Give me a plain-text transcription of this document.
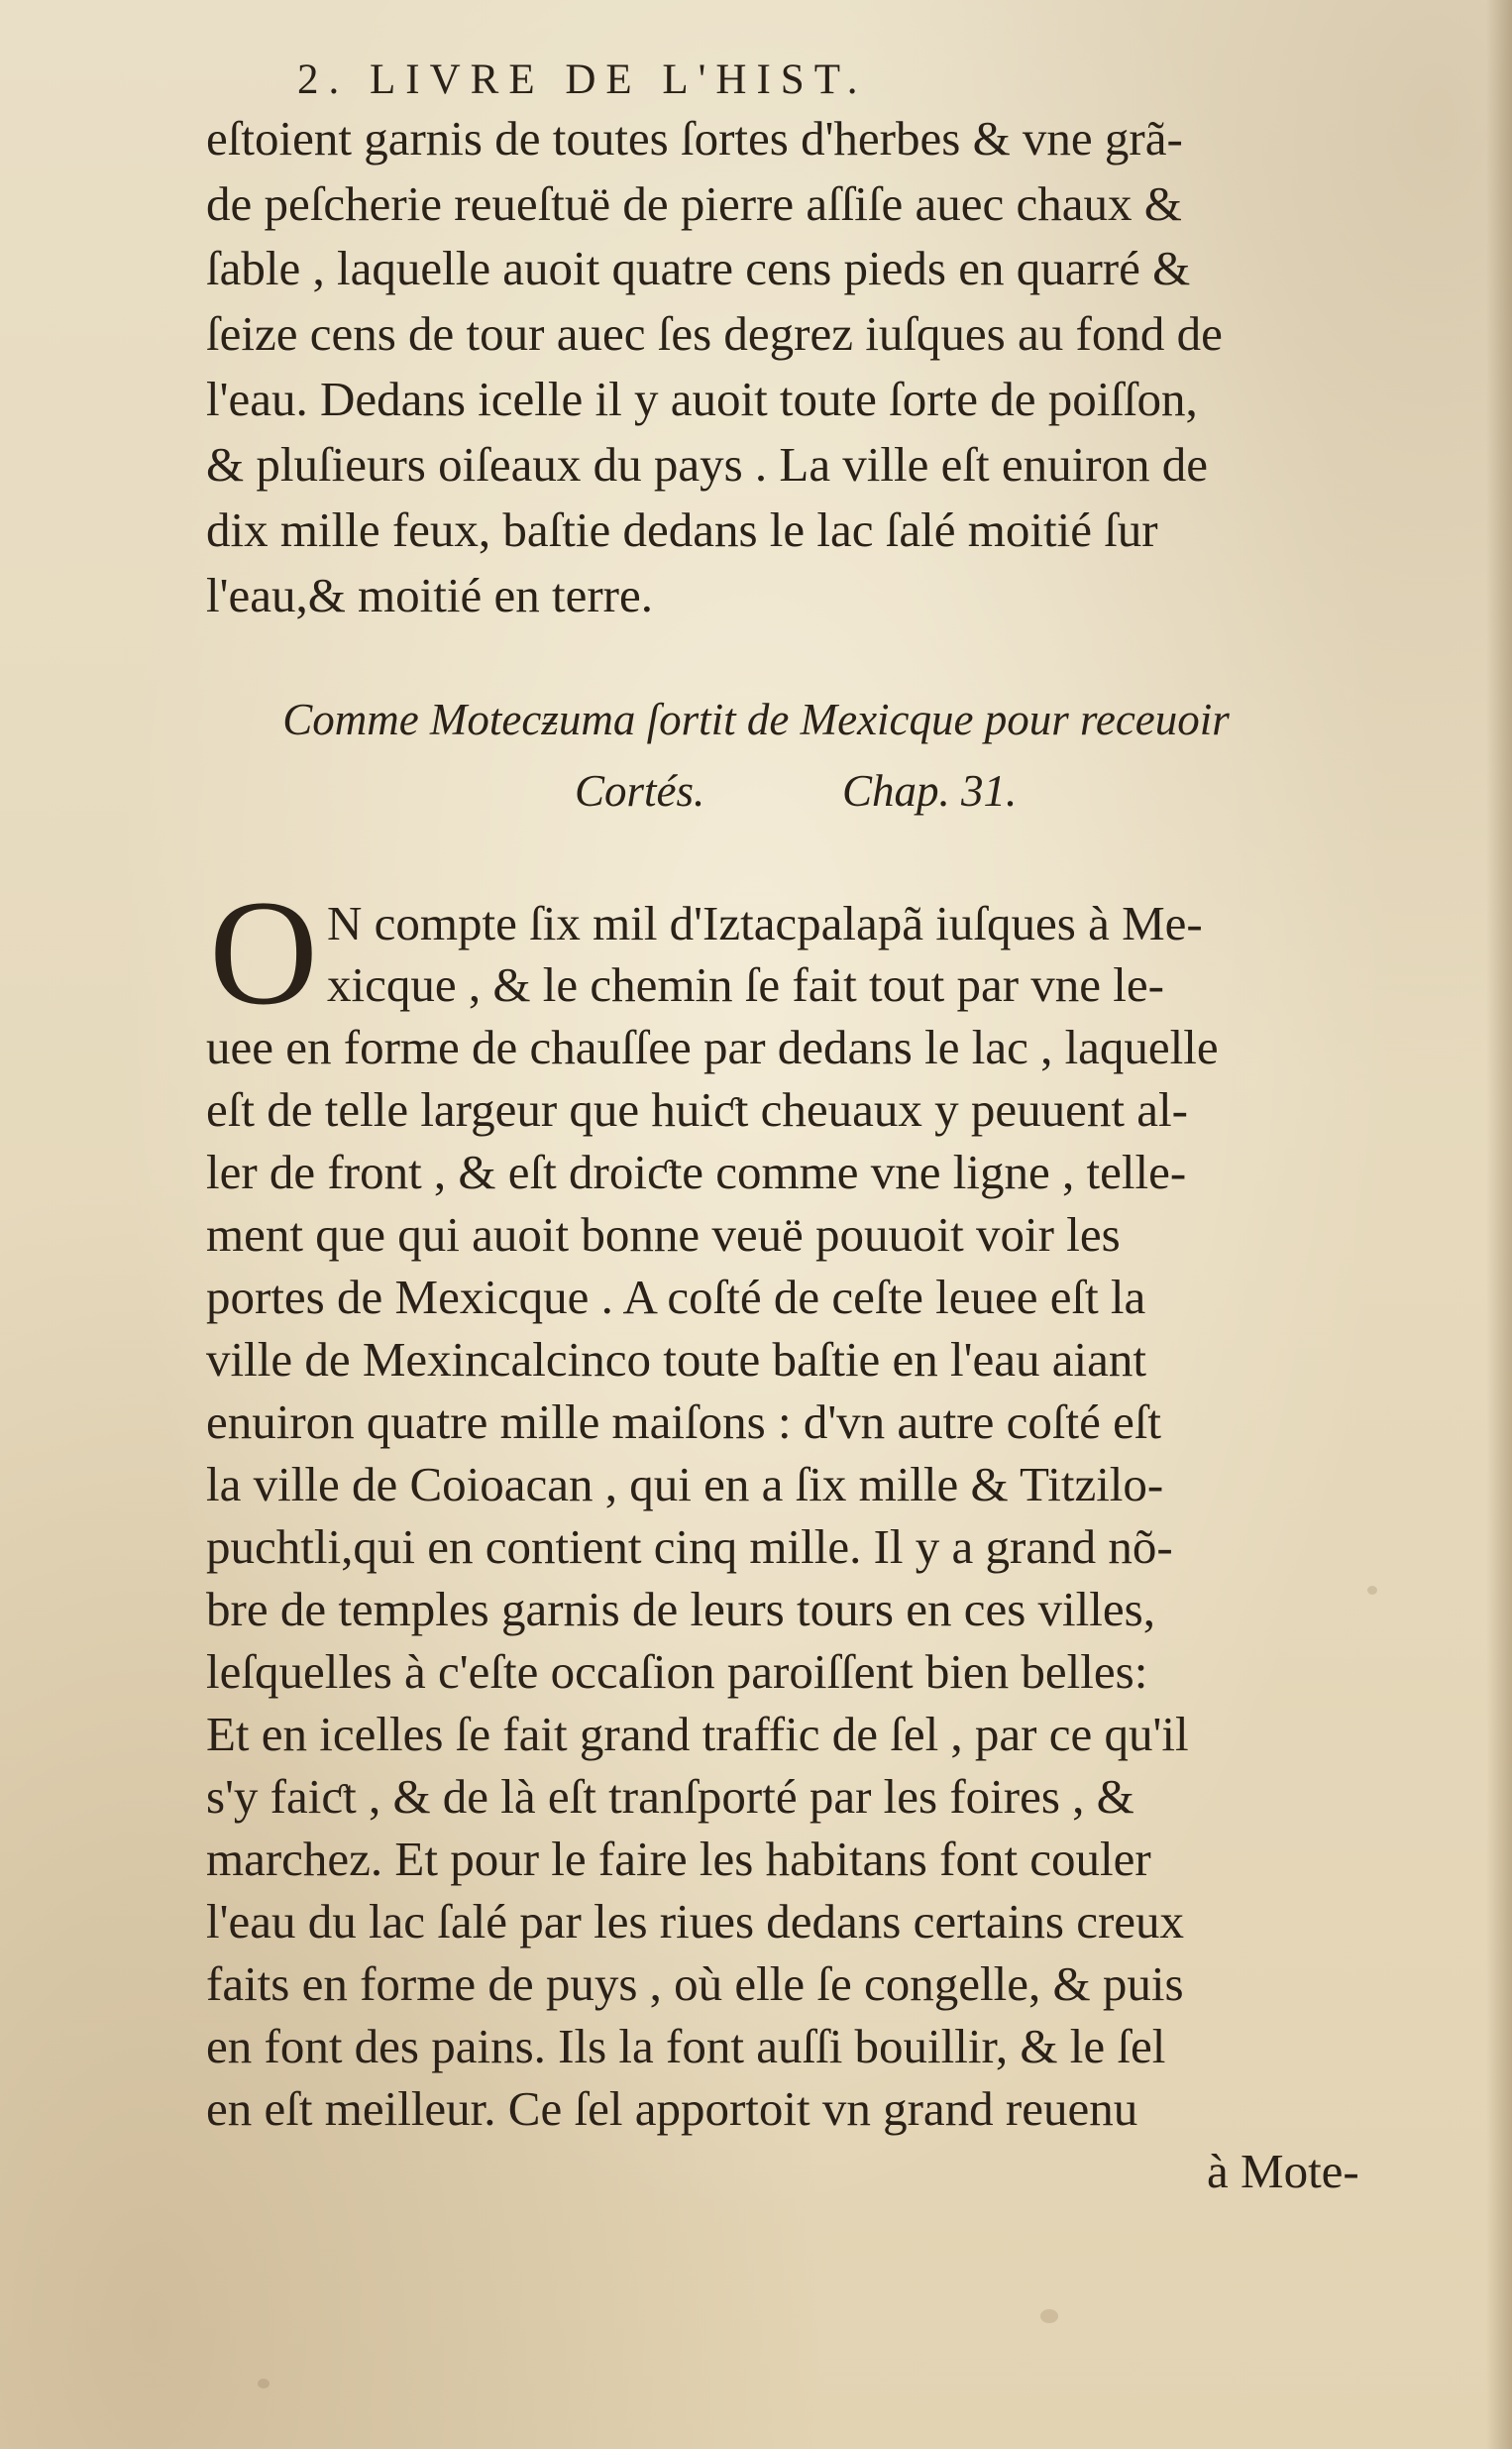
2. LIVRE DE L'HIST.
eſtoient garnis de toutes ſortes d'herbes & vne grã-
de peſcherie reueſtuë de pierre aſſiſe auec chaux &
ſable , laquelle auoit quatre cens pieds en quarré &
ſeize cens de tour auec ſes degrez iuſques au fond de
l'eau. Dedans icelle il y auoit toute ſorte de poiſſon,
& pluſieurs oiſeaux du pays . La ville eſt enuiron de
dix mille feux, baſtie dedans le lac ſalé moitié ſur
l'eau,& moitié en terre.
Comme Motecƶuma ſortit de Mexicque pour receuoir
Cortés.	Chap. 31.
O N compte ſix mil d'Iztacpalapã iuſques à Me-
xicque , & le chemin ſe fait tout par vne le-
uee en forme de chauſſee par dedans le lac , laquelle
eſt de telle largeur que huiƈt cheuaux y peuuent al-
ler de front , & eſt droiƈte comme vne ligne , telle-
ment que qui auoit bonne veuë pouuoit voir les
portes de Mexicque . A coſté de ceſte leuee eſt la
ville de Mexincalcinco toute baſtie en l'eau aiant
enuiron quatre mille maiſons : d'vn autre coſté eſt
la ville de Coioacan , qui en a ſix mille & Titzilo-
puchtli,qui en contient cinq mille. Il y a grand nõ-
bre de temples garnis de leurs tours en ces villes,
leſquelles à c'eſte occaſion paroiſſent bien belles:
Et en icelles ſe fait grand traffic de ſel , par ce qu'il
s'y faiƈt , & de là eſt tranſporté par les foires , &
marchez. Et pour le faire les habitans font couler
l'eau du lac ſalé par les riues dedans certains creux
faits en forme de puys , où elle ſe congelle, & puis
en font des pains. Ils la font auſſi bouillir, & le ſel
en eſt meilleur. Ce ſel apportoit vn grand reuenu
à Mote-
